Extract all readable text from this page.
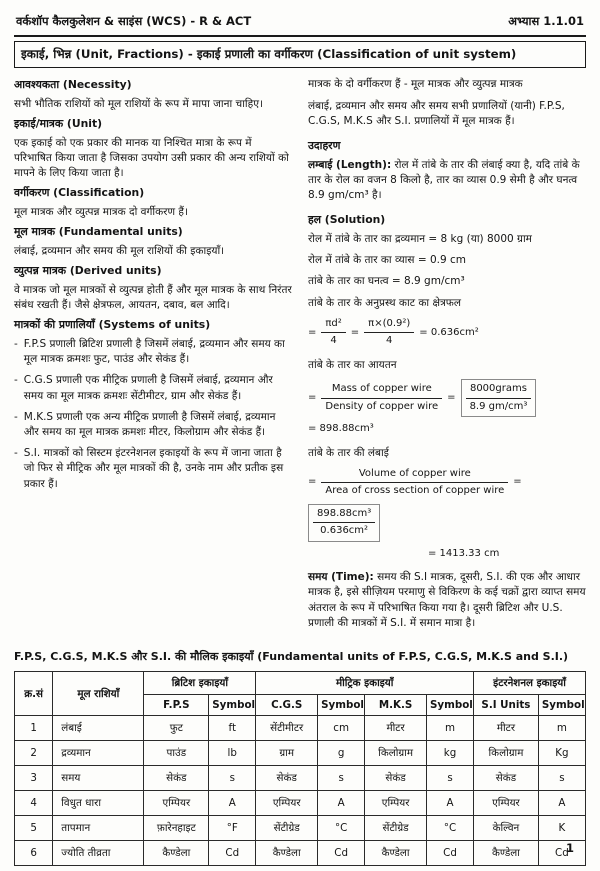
वर्कशॉप कैलकुलेशन & साइंस (WCS) - R & ACT	अभ्यास 1.1.01
इकाई, भिन्न (Unit, Fractions) - इकाई प्रणाली का वर्गीकरण (Classification of unit system)
आवश्यकता (Necessity)
सभी भौतिक राशियों को मूल राशियों के रूप में मापा जाना चाहिए।
इकाई/मात्रक (Unit)
एक इकाई को एक प्रकार की मानक या निश्चित मात्रा के रूप में परिभाषित किया जाता है जिसका उपयोग उसी प्रकार की अन्य राशियों को मापने के लिए किया जाता है।
वर्गीकरण (Classification)
मूल मात्रक और व्युत्पन्न मात्रक दो वर्गीकरण हैं।
मूल मात्रक (Fundamental units)
लंबाई, द्रव्यमान और समय की मूल राशियों की इकाइयाँ।
व्युत्पन्न मात्रक (Derived units)
वे मात्रक जो मूल मात्रकों से व्युत्पन्न होती हैं और मूल मात्रक के साथ निरंतर संबंध रखती हैं। जैसे क्षेत्रफल, आयतन, दबाव, बल आदि।
मात्रकों की प्रणालियाँ (Systems of units)
- F.P.S प्रणाली ब्रिटिश प्रणाली है जिसमें लंबाई, द्रव्यमान और समय का मूल मात्रक क्रमशः फुट, पाउंड और सेकंड हैं।
- C.G.S प्रणाली एक मीट्रिक प्रणाली है जिसमें लंबाई, द्रव्यमान और समय का मूल मात्रक क्रमशः सेंटीमीटर, ग्राम और सेकंड हैं।
- M.K.S प्रणाली एक अन्य मीट्रिक प्रणाली है जिसमें लंबाई, द्रव्यमान और समय का मूल मात्रक क्रमशः मीटर, किलोग्राम और सेकंड हैं।
- S.I. मात्रकों को सिस्टम इंटरनेशनल इकाइयों के रूप में जाना जाता है जो फिर से मीट्रिक और मूल मात्रकों की है, उनके नाम और प्रतीक इस प्रकार हैं।

मात्रक के दो वर्गीकरण हैं - मूल मात्रक और व्युत्पन्न मात्रक

लंबाई, द्रव्यमान और समय और समय सभी प्रणालियों (यानी) F.P.S, C.G.S, M.K.S और S.I. प्रणालियों में मूल मात्रक हैं।

उदाहरण

लम्बाई (Length): रोल में तांबे के तार की लंबाई क्या है, यदि तांबे के तार के रोल का वजन 8 किलो है, तार का व्यास 0.9 सेमी है और घनत्व 8.9 gm/cm³ है।

हल (Solution)

रोल में तांबे के तार का द्रव्यमान = 8 kg (या) 8000 ग्राम

रोल में तांबे के तार का व्यास = 0.9 cm

तांबे के तार का घनत्व = 8.9 gm/cm³

तांबे के तार के अनुप्रस्थ काट का क्षेत्रफल

= $\frac{\text{πd²}}{4} = \frac{\text{π×(0.9²)}}{4} = 0.636cm^2$

तांबे के तार का आयतन

= $\frac{\text{Mass of copper wire}}{\text{Density of copper wire}} = \frac{\text{8000grams}}{\text{8.9 gm/cm³}}$
= 898.88cm³

तांबे के तार की लंबाई

= $\frac{\text{Volume of copper wire}}{\text{Area of cross section of copper wire}}$ =
$\frac{\text{898.88cm³}}{\text{0.636cm²}}$
= 1413.33 cm

समय (Time): समय की S.I मात्रक, दूसरी, S.I. की एक और आधार मात्रक है, इसे सीज़ियम परमाणु से विकिरण के कई चक्रों द्वारा व्याप्त समय अंतराल के रूप में परिभाषित किया गया है। दूसरी ब्रिटिश और U.S. प्रणाली की मात्रकों में S.I. में समान मात्रा है।

F.P.S, C.G.S, M.K.S और S.I. की मौलिक इकाइयाँ (Fundamental units of F.P.S, C.G.S, M.K.S and S.I.)
क्र.सं	मूल राशियाँ	ब्रिटिश इकाइयाँ		मीट्रिक इकाइयाँ				इंटरनेशनल इकाइयाँ	
		F.P.S	Symbol	C.G.S	Symbol	M.K.S	Symbol	S.I Units	Symbol
1	लंबाई	फुट	ft	सेंटीमीटर	cm	मीटर	m	मीटर	m
2	द्रव्यमान	पाउंड	lb	ग्राम	g	किलोग्राम	kg	किलोग्राम	Kg
3	समय	सेकंड	s	सेकंड	s	सेकंड	s	सेकंड	s
4	विधुत धारा	एम्पियर	A	एम्पियर	A	एम्पियर	A	एम्पियर	A
5	तापमान	फ़ारेनहाइट	°F	सेंटीग्रेड	°C	सेंटीग्रेड	°C	केल्विन	K
6	ज्योति तीव्रता	कैण्डेला	Cd	कैण्डेला	Cd	कैण्डेला	Cd	कैण्डेला	Cd
1
